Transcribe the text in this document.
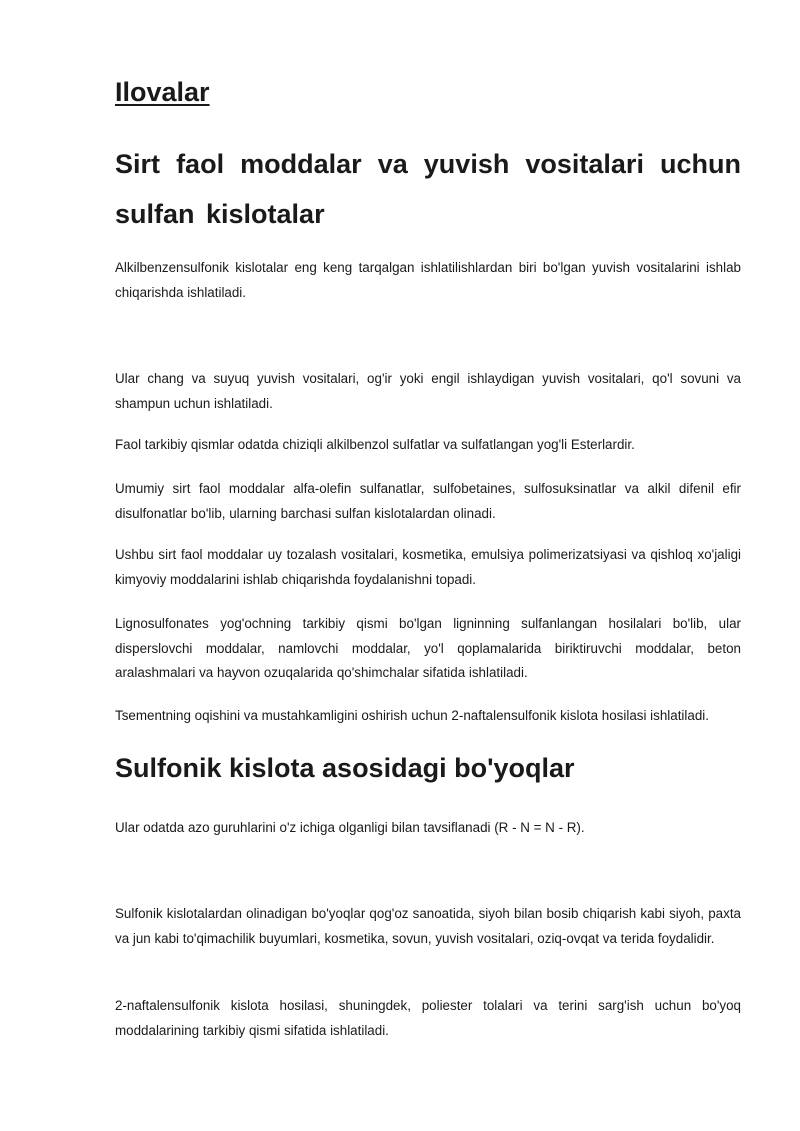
Ilovalar
Sirt faol moddalar va yuvish vositalari uchun sulfan kislotalar

Alkilbenzensulfonik kislotalar eng keng tarqalgan ishlatilishlardan biri bo'lgan yuvish vositalarini ishlab chiqarishda ishlatiladi.

Ular chang va suyuq yuvish vositalari, og'ir yoki engil ishlaydigan yuvish vositalari, qo'l sovuni va shampun uchun ishlatiladi.

Faol tarkibiy qismlar odatda chiziqli alkilbenzol sulfatlar va sulfatlangan yog'li Esterlardir.

Umumiy sirt faol moddalar alfa-olefin sulfanatlar, sulfobetaines, sulfosuksinatlar va alkil difenil efir disulfonatlar bo'lib, ularning barchasi sulfan kislotalardan olinadi.

Ushbu sirt faol moddalar uy tozalash vositalari, kosmetika, emulsiya polimerizatsiyasi va qishloq xo'jaligi kimyoviy moddalarini ishlab chiqarishda foydalanishni topadi.

Lignosulfonates yog'ochning tarkibiy qismi bo'lgan ligninning sulfanlangan hosilalari bo'lib, ular disperslovchi moddalar, namlovchi moddalar, yo'l qoplamalarida biriktiruvchi moddalar, beton aralashmalari va hayvon ozuqalarida qo'shimchalar sifatida ishlatiladi.

Tsementning oqishini va mustahkamligini oshirish uchun 2-naftalensulfonik kislota hosilasi ishlatiladi.

Sulfonik kislota asosidagi bo'yoqlar

Ular odatda azo guruhlarini o'z ichiga olganligi bilan tavsiflanadi (R - N = N - R).

Sulfonik kislotalardan olinadigan bo'yoqlar qog'oz sanoatida, siyoh bilan bosib chiqarish kabi siyoh, paxta va jun kabi to'qimachilik buyumlari, kosmetika, sovun, yuvish vositalari, oziq-ovqat va terida foydalidir.

2-naftalensulfonik kislota hosilasi, shuningdek, poliester tolalari va terini sarg'ish uchun bo'yoq moddalarining tarkibiy qismi sifatida ishlatiladi.
